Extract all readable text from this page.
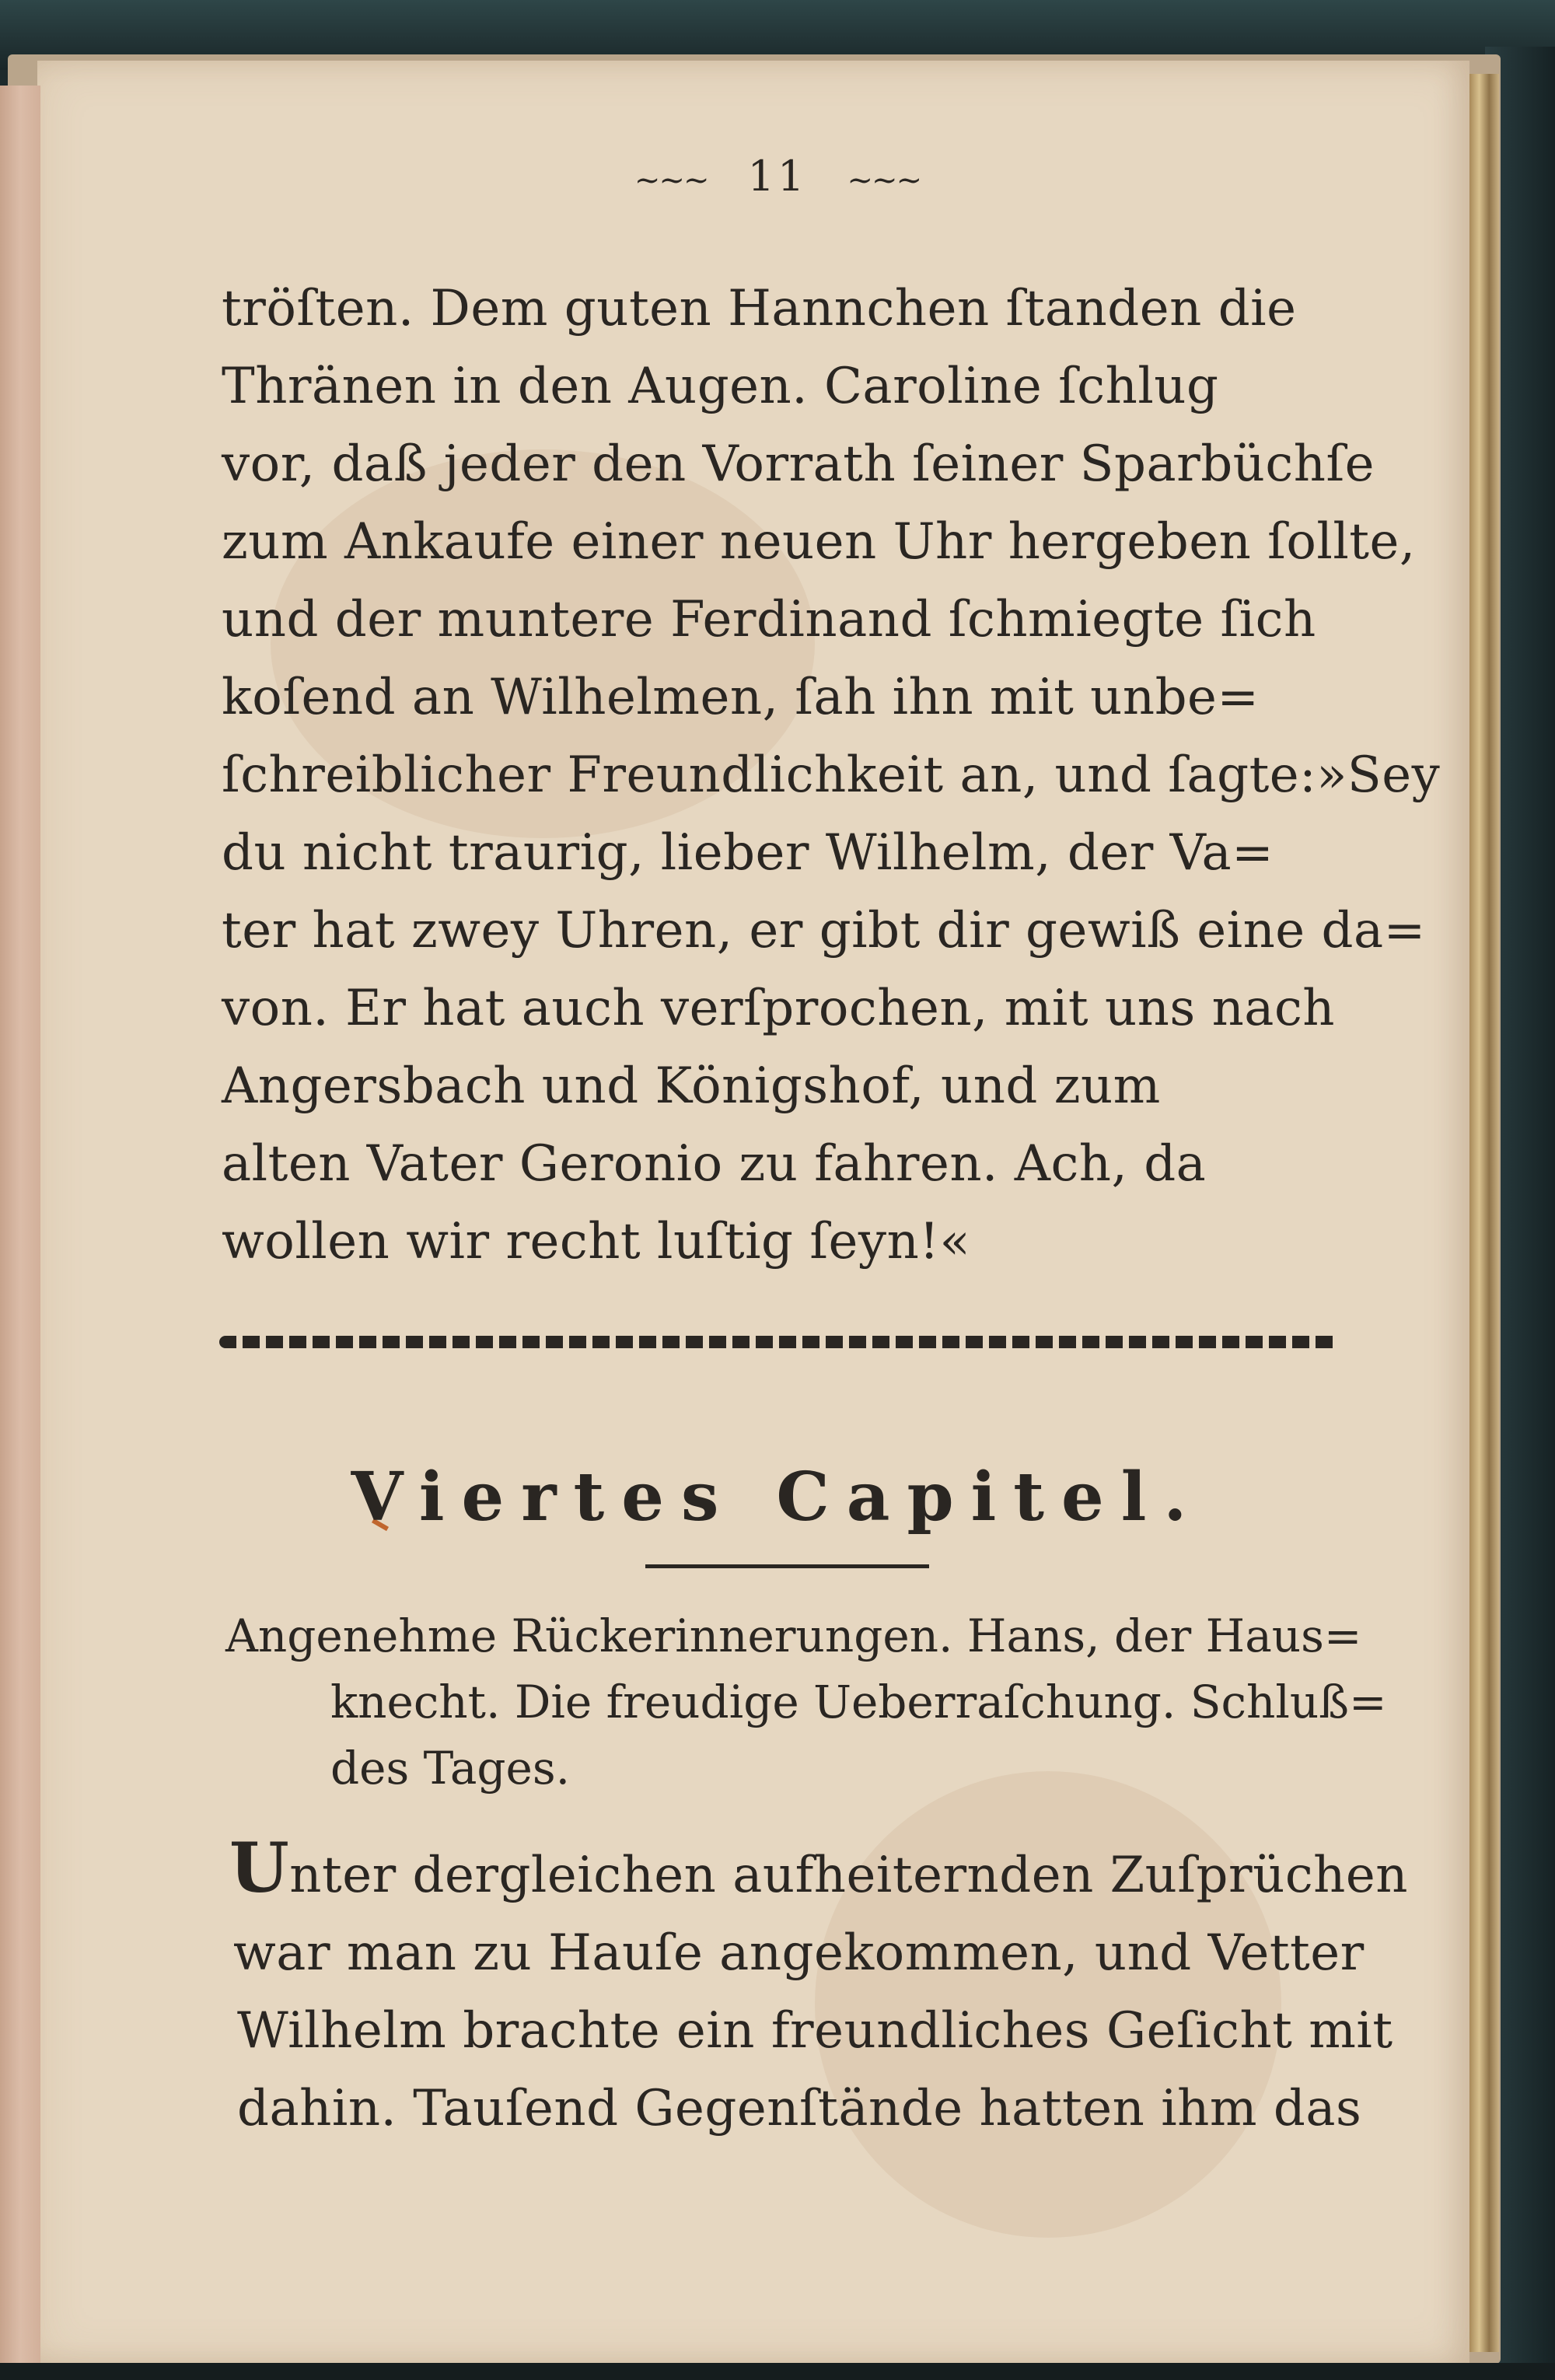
~~~ 11 ~~~
tröſten. Dem guten Hannchen ſtanden die
Thränen in den Augen. Caroline ſchlug
vor, daß jeder den Vorrath ſeiner Sparbüchſe
zum Ankaufe einer neuen Uhr hergeben ſollte,
und der muntere Ferdinand ſchmiegte ſich
koſend an Wilhelmen, ſah ihn mit unbe=
ſchreiblicher Freundlichkeit an, und ſagte:»Sey
du nicht traurig, lieber Wilhelm, der Va=
ter hat zwey Uhren, er gibt dir gewiß eine da=
von. Er hat auch verſprochen, mit uns nach
Angersbach und Königshof, und zum
alten Vater Geronio zu fahren. Ach, da
wollen wir recht luſtig ſeyn!«
Viertes Capitel.
Angenehme Rückerinnerungen. Hans, der Haus=
knecht. Die freudige Ueberraſchung. Schluß=
des Tages.
Unter dergleichen aufheiternden Zuſprüchen
war man zu Hauſe angekommen, und Vetter
Wilhelm brachte ein freundliches Geſicht mit
dahin. Tauſend Gegenſtände hatten ihm das
